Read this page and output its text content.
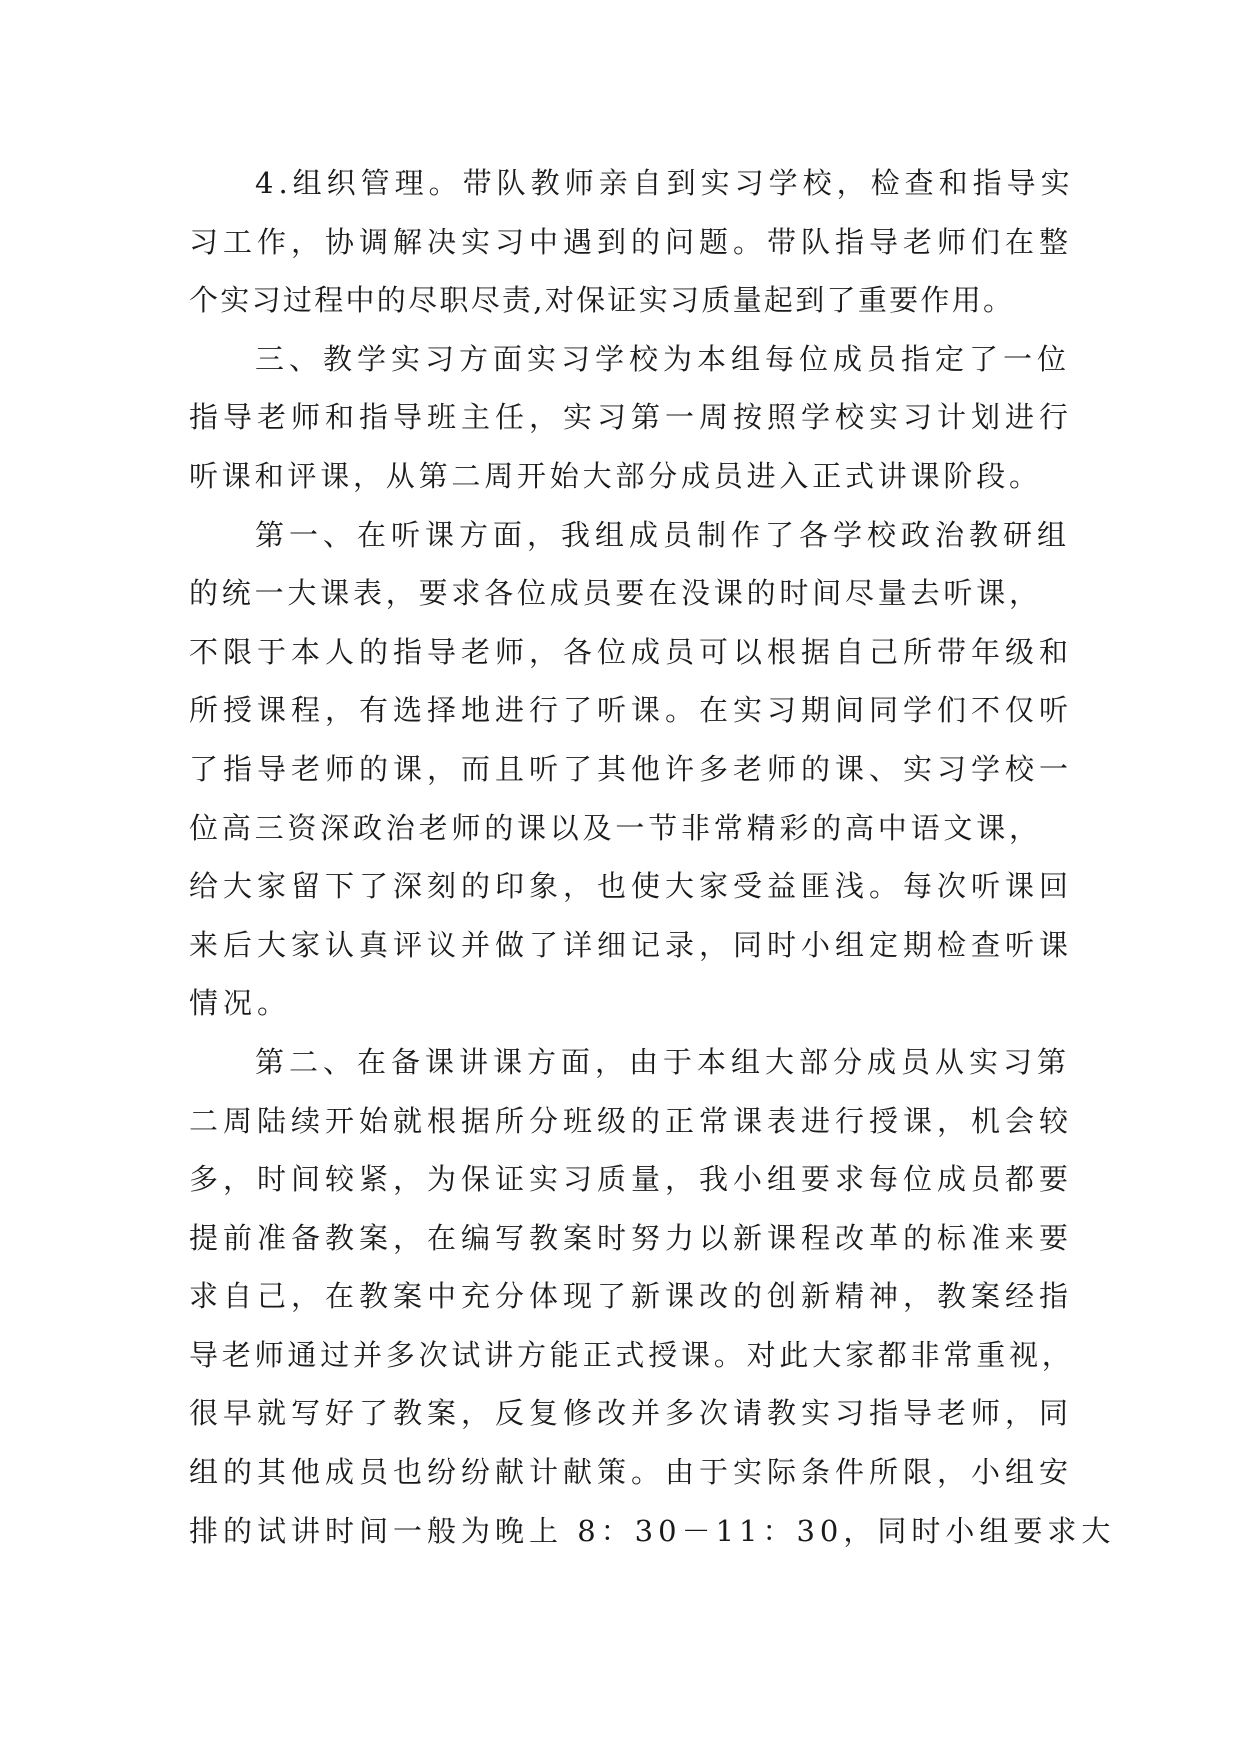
4.组织管理。带队教师亲自到实习学校，检查和指导实
习工作，协调解决实习中遇到的问题。带队指导老师们在整
个实习过程中的尽职尽责,对保证实习质量起到了重要作用。
三、教学实习方面实习学校为本组每位成员指定了一位
指导老师和指导班主任，实习第一周按照学校实习计划进行
听课和评课，从第二周开始大部分成员进入正式讲课阶段。
第一、在听课方面，我组成员制作了各学校政治教研组
的统一大课表，要求各位成员要在没课的时间尽量去听课，
不限于本人的指导老师，各位成员可以根据自己所带年级和
所授课程，有选择地进行了听课。在实习期间同学们不仅听
了指导老师的课，而且听了其他许多老师的课、实习学校一
位高三资深政治老师的课以及一节非常精彩的高中语文课，
给大家留下了深刻的印象，也使大家受益匪浅。每次听课回
来后大家认真评议并做了详细记录，同时小组定期检查听课
情况。
第二、在备课讲课方面，由于本组大部分成员从实习第
二周陆续开始就根据所分班级的正常课表进行授课，机会较
多，时间较紧，为保证实习质量，我小组要求每位成员都要
提前准备教案，在编写教案时努力以新课程改革的标准来要
求自己，在教案中充分体现了新课改的创新精神，教案经指
导老师通过并多次试讲方能正式授课。对此大家都非常重视，
很早就写好了教案，反复修改并多次请教实习指导老师，同
组的其他成员也纷纷献计献策。由于实际条件所限，小组安
排的试讲时间一般为晚上 8：30－11：30，同时小组要求大
